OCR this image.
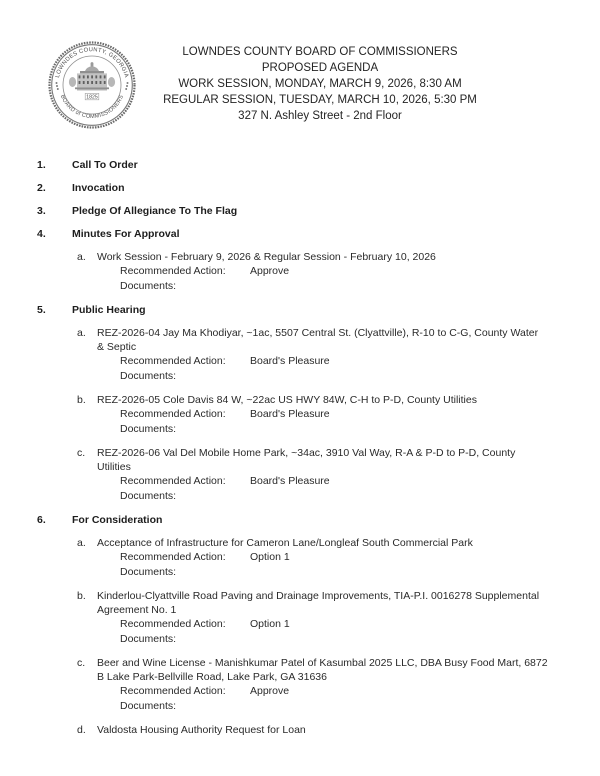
LOWNDES COUNTY, GEORGIA
BOARD of COMMISSIONERS
1825
LOWNDES COUNTY BOARD OF COMMISSIONERS
PROPOSED AGENDA
WORK SESSION, MONDAY, MARCH 9, 2026, 8:30 AM
REGULAR SESSION, TUESDAY, MARCH 10, 2026, 5:30 PM
327 N. Ashley Street - 2nd Floor
1.	Call To Order
2.	Invocation
3.	Pledge Of Allegiance To The Flag
4.	Minutes For Approval
a.	Work Session - February 9, 2026 & Regular Session - February 10, 2026
Recommended Action:	Approve
Documents:
5.	Public Hearing
a.	REZ-2026-04 Jay Ma Khodiyar, ~1ac, 5507 Central St. (Clyattville), R-10 to C-G, County Water
& Septic
Recommended Action:	Board's Pleasure
Documents:
b.	REZ-2026-05 Cole Davis 84 W, ~22ac US HWY 84W, C-H to P-D, County Utilities
Recommended Action:	Board's Pleasure
Documents:
c.	REZ-2026-06 Val Del Mobile Home Park, ~34ac, 3910 Val Way, R-A & P-D to P-D, County
Utilities
Recommended Action:	Board's Pleasure
Documents:
6.	For Consideration
a.	Acceptance of Infrastructure for Cameron Lane/Longleaf South Commercial Park
Recommended Action:	Option 1
Documents:
b.	Kinderlou-Clyattville Road Paving and Drainage Improvements, TIA-P.I. 0016278 Supplemental
Agreement No. 1
Recommended Action:	Option 1
Documents:
c.	Beer and Wine License - Manishkumar Patel of Kasumbal 2025 LLC, DBA Busy Food Mart, 6872
B Lake Park-Bellville Road, Lake Park, GA 31636
Recommended Action:	Approve
Documents:
d.	Valdosta Housing Authority Request for Loan
